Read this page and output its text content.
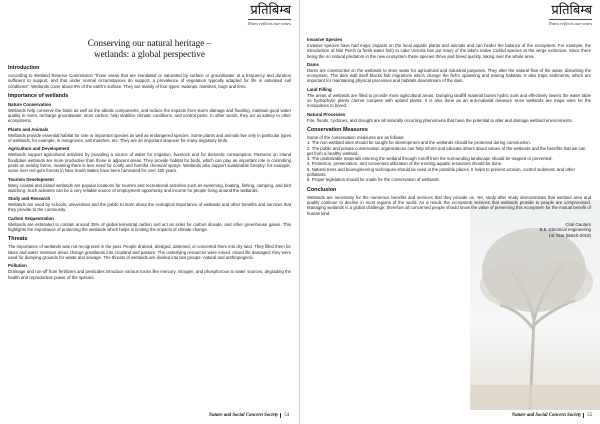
प्रतिबिम्ब
Notes reflects our notes
Conserving our natural heritage –
wetlands: a global perspective
Introduction

According to Wetland Reserve Commission “those areas that are inundated or saturated by surface or groundwater at a frequency and duration sufficient to support, and that under normal circumstances do support, a prevalence of vegetation typically adapted for life in saturated soil conditions”. Wetlands cover about 9% of the earth's surface. They are mainly of four types: swamps, marshes, bogs and fens.

Importance of wetlands
Nature Conservation

Wetlands help conserve the biotic as well as the abiotic components, and reduce the impacts from storm damage and flooding, maintain good water quality in rivers, recharge groundwater, store carbon, help stabilize climatic conditions, and control pests. In other words, they act as kidney to other ecosystems.

Plants and Animals

Wetlands provide essential habitat for rare or important species as well as endangered species. Some plants and animals live only in particular types of wetlands, for example, in mangroves, salt marshes, etc. They are an important stopover for many migratory birds.

Agriculture and Development

Wetlands support agricultural activities by providing a source of water for irrigation, livestock and for domestic consumption. Pastures on inland floodplain wetlands are more productive than those in adjacent areas. They provide habitat for birds, which can play an important role in controlling pests on nearby farms, meaning there is less need for costly and harmful chemical sprays. Wetlands also support sustainable forestry: for example, some river red gum forests in New South Wales have been harvested for over 150 years.

Tourism Development

Many coastal and inland wetlands are popular locations for tourism and recreational activities such as swimming, boating, fishing, camping, and bird watching. Such activities can be a very reliable source of employment opportunity and income for people living around the wetlands.

Study and Research

Wetlands are used by schools, universities and the public to learn about the ecological importance of wetlands and other benefits and services that they provide to the community.

Carbon Sequestration

Wetlands are estimated to contain around 35% of global terrestrial carbon and act as sinks for carbon dioxide, and other greenhouse gases. This highlights the importance of protecting the wetlands which helps in limiting the impacts of climate change.

Threats

The importance of wetlands was not recognized in the past. People drained, dredged, dammed, or converted them into dry land. They filled them for lakes and water retention areas change greatlands into cropland and pasture. The underlying resources were mined, mixed life damaged; they were used for dumping grounds for waste and sewage. The threats of wetlands are divided into two groups- natural and anthropogenic.

Pollution

Drainage and run-off from fertilizers and pesticides introduce various toxins like mercury, nitrogen, and phosphorous to water sources, degrading the health and reproductive power of the species.

Nature and Social Concern Society 54
प्रतिबिम्ब
Notes reflects our notes
Invasive Species

Invasive species have had major impacts on the local aquatic plants and animals and can hinder the balance of the ecosystem. For example, the introduction of Nile Perch (a fresh-water fish) to Lake Victoria has put many of the lake's native Cichlid species at the verge extinction. Since there being the no natural predators in the new ecosystem these species thrive and breed quickly, taking over the whole area.

Dams

Dams are constructed on the wetlands to store water for agricultural and industrial purposes. They alter the natural flow of the water, disturbing the ecosystem. The dam wall itself blocks fish migrations which change the fish's spawning and rearing habitats. It also traps sediments, which are important for maintaining physical processes and habitats downstream of the dam.

Land Filling

The areas of wetlands are filled to provide more agricultural areas. Dumping landfill material buries hydric soils and effectively lowers the water table so hydrophytic plants cannot compete with upland plants. It is also done as an anti-malarial measure since wetlands are major sites for the mosquitoes to breed.

Natural Processes

Fire, floods, cyclones, and drought are all naturally occurring phenomena that have the potential to alter and damage wetland environments.

Conservation Measures

Some of the conservation measures are as follows:

1. The non-wetland sites should be sought for development and the wetlands should be protected during construction.
2. The public and private conservation organizations can help inform and educate others about values of the wetlands and the benefits that we can get from a healthy wetland.
3. The undesirable materials entering the wetland through runoff from the surrounding landscape should be trapped or prevented.
4. Protection, preservation, and convenient utilization of the existing aquatic resources should be done.
5. Natural trees and bioengineering techniques should be used in the possible places. It helps to prevent erosion, control sediment, and other pollutants.
6. Proper legislation should be made for the conservation of wetlands.
Conclusion

Wetlands are necessary for the numerous benefits and services that they provide us. Yet, study after study demonstrates that wetland area and quality continue to decline in most regions of the world. As a result, the ecosystem services that wetlands provide to people are compromised. Managing wetlands is a global challenge; therefore all concerned people should know the value of preserving this ecosystem for the mutual benefit of human kind.

Cital Gautam
B.E. Electrical engineering
1st Year (Batch-2018)
Nature and Social Concern Society 55
